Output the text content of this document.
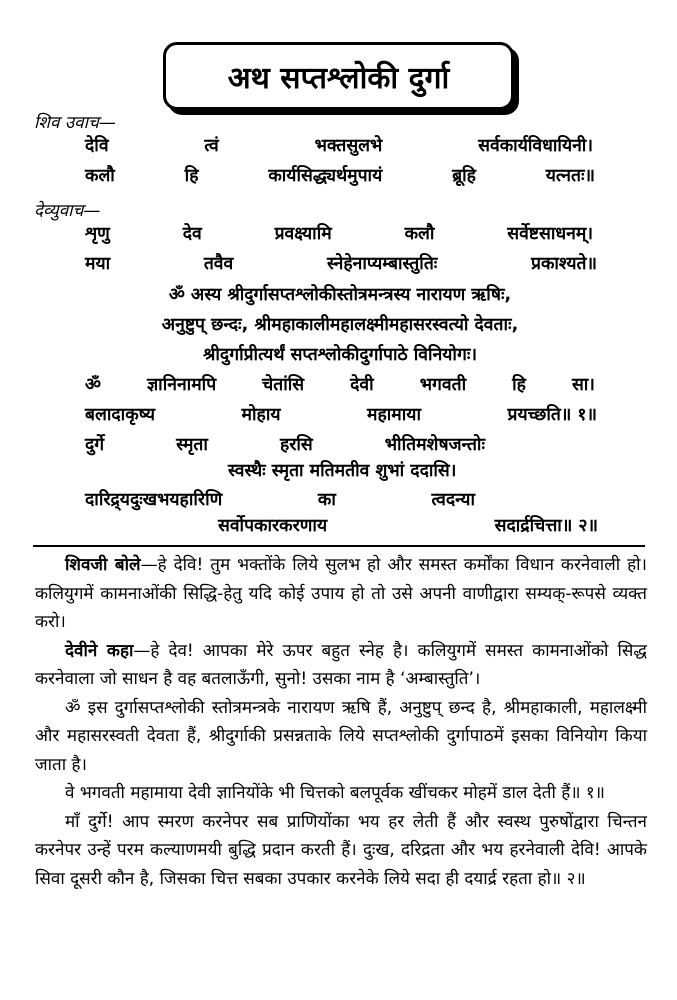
अथ सप्तश्लोकी दुर्गा
शिव उवाच—
देवि	त्वं	भक्तसुलभे	सर्वकार्यविधायिनी।
कलौ	हि	कार्यसिद्ध्यर्थमुपायं	ब्रूहि	यत्नतः॥
देव्युवाच—
शृणु	देव	प्रवक्ष्यामि	कलौ	सर्वेष्टसाधनम्।
मया	तवैव	स्नेहेनाप्यम्बास्तुतिः	प्रकाश्यते॥
ॐ अस्य श्रीदुर्गासप्तश्लोकीस्तोत्रमन्त्रस्य नारायण ऋषिः,
अनुष्टुप् छन्दः, श्रीमहाकालीमहालक्ष्मीमहासरस्वत्यो देवताः,
श्रीदुर्गाप्रीत्यर्थं सप्तश्लोकीदुर्गापाठे विनियोगः।
ॐ	ज्ञानिनामपि	चेतांसि	देवी	भगवती	हि	सा।
बलादाकृष्य	मोहाय	महामाया	प्रयच्छति॥ १॥
दुर्गे	स्मृता	हरसि	भीतिमशेषजन्तोः
स्वस्थैः स्मृता मतिमतीव शुभां ददासि।
दारिद्र्यदुःखभयहारिणि	का	त्वदन्या
सर्वोपकारकरणाय	सदार्द्रचित्ता॥ २॥

शिवजी बोले—हे देवि! तुम भक्तोंके लिये सुलभ हो और समस्त कर्मोंका विधान करनेवाली हो। कलियुगमें कामनाओंकी सिद्धि-हेतु यदि कोई उपाय हो तो उसे अपनी वाणीद्वारा सम्यक्-रूपसे व्यक्त करो।

देवीने कहा—हे देव! आपका मेरे ऊपर बहुत स्नेह है। कलियुगमें समस्त कामनाओंको सिद्ध करनेवाला जो साधन है वह बतलाऊँगी, सुनो! उसका नाम है ‘अम्बास्तुति’।

ॐ इस दुर्गासप्तश्लोकी स्तोत्रमन्त्रके नारायण ऋषि हैं, अनुष्टुप् छन्द है, श्रीमहाकाली, महालक्ष्मी और महासरस्वती देवता हैं, श्रीदुर्गाकी प्रसन्नताके लिये सप्तश्लोकी दुर्गापाठमें इसका विनियोग किया जाता है।

वे भगवती महामाया देवी ज्ञानियोंके भी चित्तको बलपूर्वक खींचकर मोहमें डाल देती हैं॥ १॥

माँ दुर्गे! आप स्मरण करनेपर सब प्राणियोंका भय हर लेती हैं और स्वस्थ पुरुषोंद्वारा चिन्तन करनेपर उन्हें परम कल्याणमयी बुद्धि प्रदान करती हैं। दुःख, दरिद्रता और भय हरनेवाली देवि! आपके सिवा दूसरी कौन है, जिसका चित्त सबका उपकार करनेके लिये सदा ही दयार्द्र रहता हो॥ २॥
